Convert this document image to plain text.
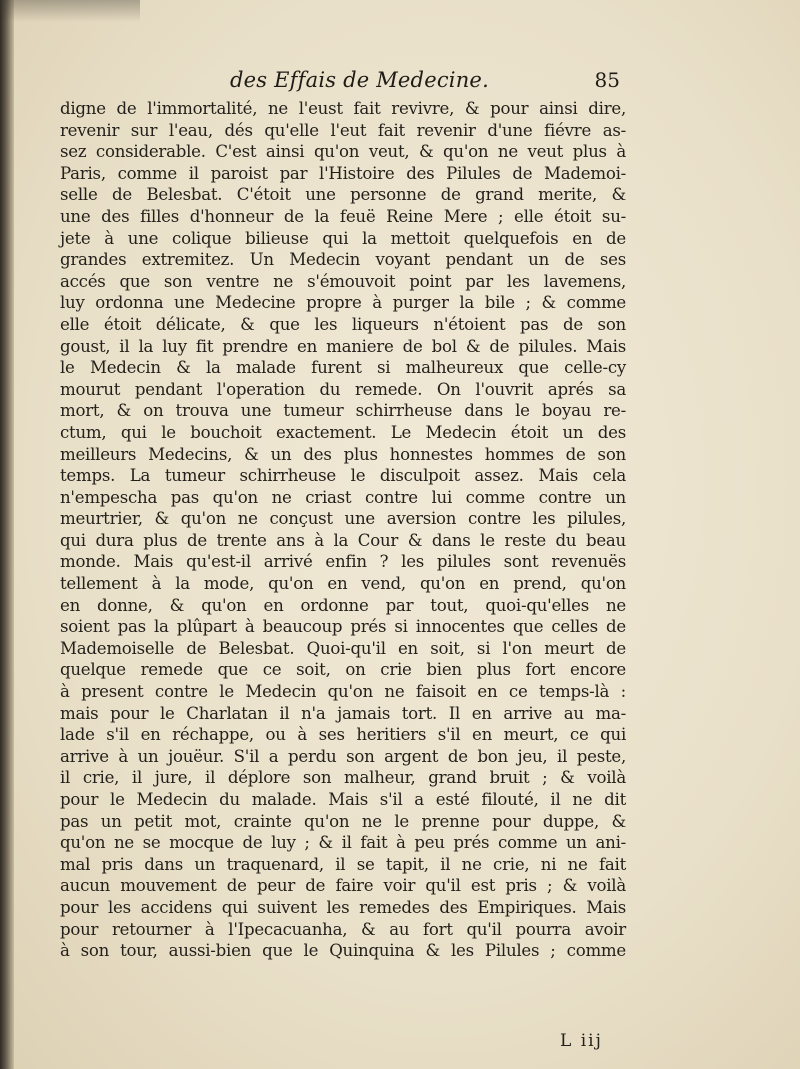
des Effais de Medecine.	85
digne de l'immortalité, ne l'eust fait revivre, & pour ainsi dire,
revenir sur l'eau, dés qu'elle l'eut fait revenir d'une fiévre as-
sez considerable. C'est ainsi qu'on veut, & qu'on ne veut plus à
Paris, comme il paroist par l'Histoire des Pilules de Mademoi-
selle de Belesbat. C'étoit une personne de grand merite, &
une des filles d'honneur de la feuë Reine Mere ; elle étoit su-
jete à une colique bilieuse qui la mettoit quelquefois en de
grandes extremitez. Un Medecin voyant pendant un de ses
accés que son ventre ne s'émouvoit point par les lavemens,
luy ordonna une Medecine propre à purger la bile ; & comme
elle étoit délicate, & que les liqueurs n'étoient pas de son
goust, il la luy fit prendre en maniere de bol & de pilules. Mais
le Medecin & la malade furent si malheureux que celle-cy
mourut pendant l'operation du remede. On l'ouvrit aprés sa
mort, & on trouva une tumeur schirrheuse dans le boyau re-
ctum, qui le bouchoit exactement. Le Medecin étoit un des
meilleurs Medecins, & un des plus honnestes hommes de son
temps. La tumeur schirrheuse le disculpoit assez. Mais cela
n'empescha pas qu'on ne criast contre lui comme contre un
meurtrier, & qu'on ne conçust une aversion contre les pilules,
qui dura plus de trente ans à la Cour & dans le reste du beau
monde. Mais qu'est-il arrivé enfin ? les pilules sont revenuës
tellement à la mode, qu'on en vend, qu'on en prend, qu'on
en donne, & qu'on en ordonne par tout, quoi-qu'elles ne
soient pas la plûpart à beaucoup prés si innocentes que celles de
Mademoiselle de Belesbat. Quoi-qu'il en soit, si l'on meurt de
quelque remede que ce soit, on crie bien plus fort encore
à present contre le Medecin qu'on ne faisoit en ce temps-là :
mais pour le Charlatan il n'a jamais tort. Il en arrive au ma-
lade s'il en réchappe, ou à ses heritiers s'il en meurt, ce qui
arrive à un jouëur. S'il a perdu son argent de bon jeu, il peste,
il crie, il jure, il déplore son malheur, grand bruit ; & voilà
pour le Medecin du malade. Mais s'il a esté filouté, il ne dit
pas un petit mot, crainte qu'on ne le prenne pour duppe, &
qu'on ne se mocque de luy ; & il fait à peu prés comme un ani-
mal pris dans un traquenard, il se tapit, il ne crie, ni ne fait
aucun mouvement de peur de faire voir qu'il est pris ; & voilà
pour les accidens qui suivent les remedes des Empiriques. Mais
pour retourner à l'Ipecacuanha, & au fort qu'il pourra avoir
à son tour, aussi-bien que le Quinquina & les Pilules ; comme
L iij
